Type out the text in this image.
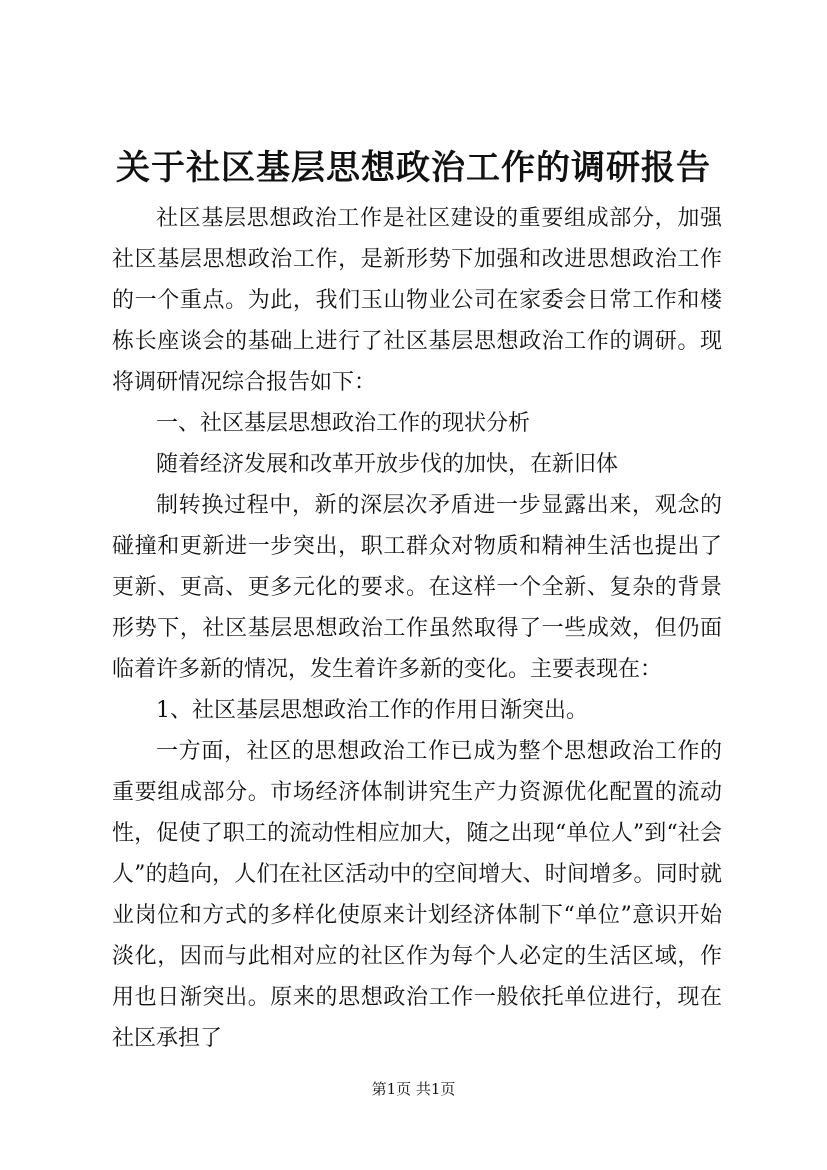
关于社区基层思想政治工作的调研报告

社区基层思想政治工作是社区建设的重要组成部分，加强社区基层思想政治工作，是新形势下加强和改进思想政治工作的一个重点。为此，我们玉山物业公司在家委会日常工作和楼栋长座谈会的基础上进行了社区基层思想政治工作的调研。现将调研情况综合报告如下：

一、社区基层思想政治工作的现状分析

随着经济发展和改革开放步伐的加快，在新旧体

制转换过程中，新的深层次矛盾进一步显露出来，观念的碰撞和更新进一步突出，职工群众对物质和精神生活也提出了更新、更高、更多元化的要求。在这样一个全新、复杂的背景形势下，社区基层思想政治工作虽然取得了一些成效，但仍面临着许多新的情况，发生着许多新的变化。主要表现在：

1、社区基层思想政治工作的作用日渐突出。

一方面，社区的思想政治工作已成为整个思想政治工作的重要组成部分。市场经济体制讲究生产力资源优化配置的流动性，促使了职工的流动性相应加大，随之出现“单位人”到“社会人”的趋向，人们在社区活动中的空间增大、时间增多。同时就业岗位和方式的多样化使原来计划经济体制下“单位”意识开始淡化，因而与此相对应的社区作为每个人必定的生活区域，作用也日渐突出。原来的思想政治工作一般依托单位进行，现在社区承担了

第1页 共1页
